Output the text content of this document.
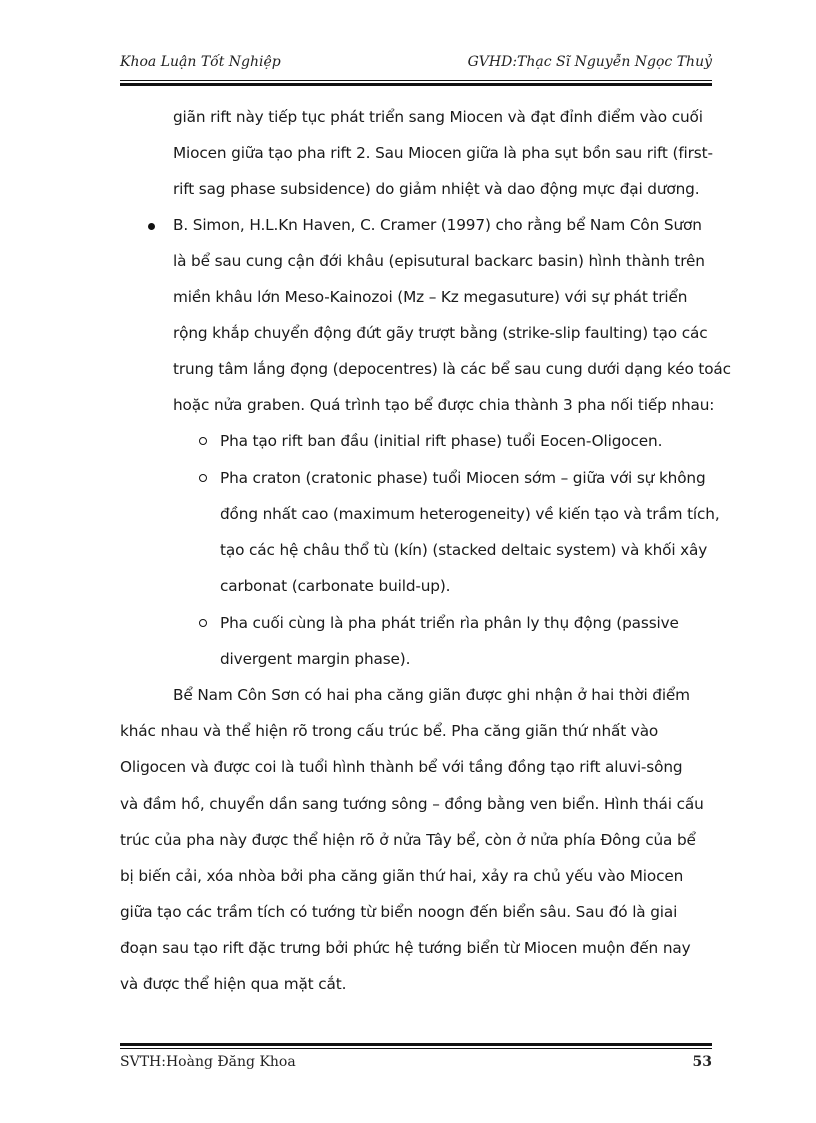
Khoa Luận Tốt Nghiệp	GVHD:Thạc Sĩ Nguyễn Ngọc Thuỷ
giãn rift này tiếp tục phát triển sang Miocen và đạt đỉnh điểm vào cuối
Miocen giữa tạo pha rift 2. Sau Miocen giữa là pha sụt bồn sau rift (first-
rift sag phase subsidence) do giảm nhiệt và dao động mực đại dương.
B. Simon, H.L.Kn Haven, C. Cramer (1997) cho rằng bể Nam Côn Sươn
là bể sau cung cận đới khâu (episutural backarc basin) hình thành trên
miền khâu lớn Meso-Kainozoi (Mz – Kz megasuture) với sự phát triển
rộng khắp chuyển động đứt gãy trượt bằng (strike-slip faulting) tạo các
trung tâm lắng đọng (depocentres) là các bể sau cung dưới dạng kéo toác
hoặc nửa graben. Quá trình tạo bể được chia thành 3 pha nối tiếp nhau:
Pha tạo rift ban đầu (initial rift phase) tuổi Eocen-Oligocen.
Pha craton (cratonic phase) tuổi Miocen sớm – giữa với sự không
đồng nhất cao (maximum heterogeneity) về kiến tạo và trầm tích,
tạo các hệ châu thổ tù (kín) (stacked deltaic system) và khối xây
carbonat (carbonate build-up).
Pha cuối cùng là pha phát triển rìa phân ly thụ động (passive
divergent margin phase).
Bể Nam Côn Sơn có hai pha căng giãn được ghi nhận ở hai thời điểm
khác nhau và thể hiện rõ trong cấu trúc bể. Pha căng giãn thứ nhất vào
Oligocen và được coi là tuổi hình thành bể với tầng đồng tạo rift aluvi-sông
và đầm hồ, chuyển dần sang tướng sông – đồng bằng ven biển. Hình thái cấu
trúc của pha này được thể hiện rõ ở nửa Tây bể, còn ở nửa phía Đông của bể
bị biến cải, xóa nhòa bởi pha căng giãn thứ hai, xảy ra chủ yếu vào Miocen
giữa tạo các trầm tích có tướng từ biển noogn đến biển sâu. Sau đó là giai
đoạn sau tạo rift đặc trưng bởi phức hệ tướng biển từ Miocen muộn đến nay
và được thể hiện qua mặt cắt.
SVTH:Hoàng Đăng Khoa	53
